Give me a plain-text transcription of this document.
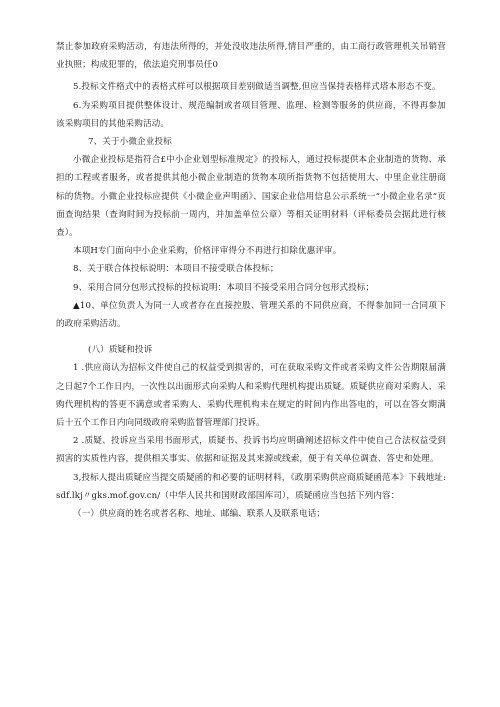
禁止参加政府采购活动，有违法所得的，并处没收违法所得,情目严重的，由工商行政管理机关吊销营业执照；构成犯罪的，依法追究刑事员任0

5.投标文件格式中的表格式样可以根据项目差别做适当调整,但应当保持表格样式塔本形态不变。

6.为采购项目提供整体设计、规范编制或者项目管理、监理、检测等服务的供应商，不得再参加该采购项目的其他采购活动。

7、关于小微企业投标

小微企业投标是指符合£中小企业划型标准规定》的投标人，通过投标提供本企业制造的货物、承担的工程或者服务，或者提供其他小微企业制造的货物本项所指货物不包括使用大、中里企业注册商标的货物。小微企业投标应提供《小微企业声明函》、国家企业信用信息公示系统一“小微企业名录”页面查询结果（查询时间为投标前一周内，并加盖单位公章）等相关证明材料（评标委员会据此进行核查）。

本项H专门面向中小企业采购，价格评审得分不再进行扣除优惠评审。

8、关于联合体投标说明：本项目不接受联合体投标；

9、采用合同分包形式投标的投标说明：本项目不接受采用合同分包形式投标；

▲10、单位负责人为同一人或者存在直接控股、管理关系的不同供应商，不得参加同一合同项下的政府采购活动。

(八）质疑和投诉

1 .供应商认为招标文件使自己的权益受到损害的，可在获取采购文件或者采购文件公告期限届满之日起7个工作日内，一次性以出面形式向采购人和采购代理机构提出质疑。质疑供应商对采购人、采购代理机构的答更不满意或者采购人、采购代理机构未在规定的时间内作出答电的，可以在答女期满后十五个工作日内向同级政府采购监督管理部门投诉。

2 .质疑、投诉应当采用书面形式，质疑书、投诉书均应明确阐述招标文件中使自己合法权益受到损害的实质性内容，提供相关事实、依据和证据及其来源或线索，便于有关单位调查、答史和处理。

3,投标人提出质疑应当提交质疑函的和必要的证明材料，《政朋采购供应商质疑函范本》下载地址:sdf.lkj〃gks.mof.gov.cn/（中华人民共和国财政部国库司），质疑函应当包括下列内容：

（一）供应商的姓名或者名称、地址、邮编、联系人及联系电话；
